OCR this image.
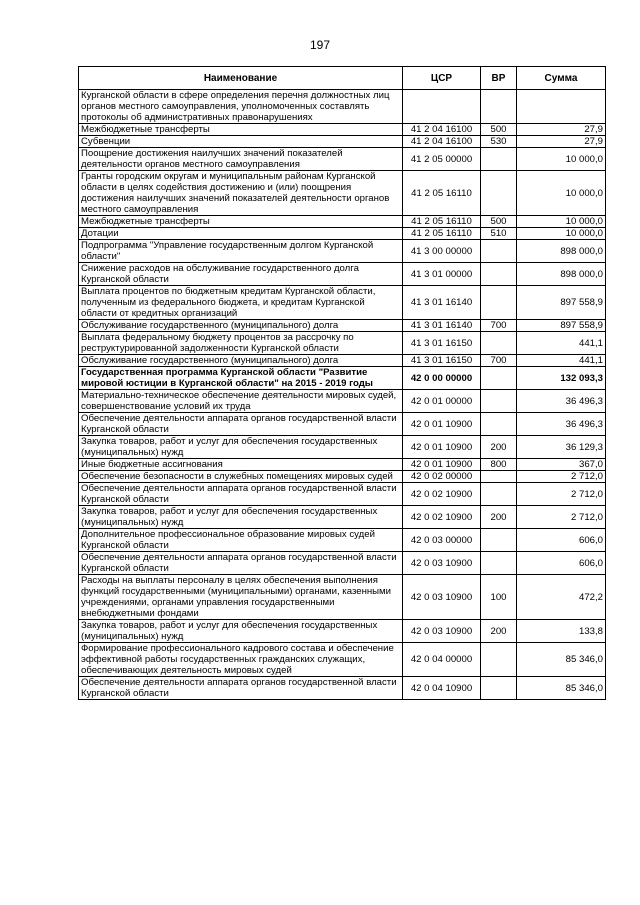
197
Наименование	ЦСР	ВР	Сумма
Курганской области в сфере определения перечня должностных лиц органов местного самоуправления, уполномоченных составлять протоколы об административных правонарушениях			
Межбюджетные трансферты	41 2 04 16100	500	27,9
Субвенции	41 2 04 16100	530	27,9
Поощрение достижения наилучших значений показателей деятельности органов местного самоуправления	41 2 05 00000		10 000,0
Гранты городским округам и муниципальным районам Курганской области в целях содействия достижению и (или) поощрения достижения наилучших значений показателей деятельности органов местного самоуправления	41 2 05 16110		10 000,0
Межбюджетные трансферты	41 2 05 16110	500	10 000,0
Дотации	41 2 05 16110	510	10 000,0
Подпрограмма "Управление государственным долгом Курганской области"	41 3 00 00000		898 000,0
Снижение расходов на обслуживание государственного долга Курганской области	41 3 01 00000		898 000,0
Выплата процентов по бюджетным кредитам Курганской области, полученным из федерального бюджета, и кредитам Курганской области от кредитных организаций	41 3 01 16140		897 558,9
Обслуживание государственного (муниципального) долга	41 3 01 16140	700	897 558,9
Выплата федеральному бюджету процентов за рассрочку по реструктурированной задолженности Курганской области	41 3 01 16150		441,1
Обслуживание государственного (муниципального) долга	41 3 01 16150	700	441,1
Государственная программа Курганской области "Развитие мировой юстиции в Курганской области" на 2015 - 2019 годы	42 0 00 00000		132 093,3
Материально-техническое обеспечение деятельности мировых судей, совершенствование условий их труда	42 0 01 00000		36 496,3
Обеспечение деятельности аппарата органов государственной власти Курганской области	42 0 01 10900		36 496,3
Закупка товаров, работ и услуг для обеспечения государственных (муниципальных) нужд	42 0 01 10900	200	36 129,3
Иные бюджетные ассигнования	42 0 01 10900	800	367,0
Обеспечение безопасности в служебных помещениях мировых судей	42 0 02 00000		2 712,0
Обеспечение деятельности аппарата органов государственной власти Курганской области	42 0 02 10900		2 712,0
Закупка товаров, работ и услуг для обеспечения государственных (муниципальных) нужд	42 0 02 10900	200	2 712,0
Дополнительное профессиональное образование мировых судей Курганской области	42 0 03 00000		606,0
Обеспечение деятельности аппарата органов государственной власти Курганской области	42 0 03 10900		606,0
Расходы на выплаты персоналу в целях обеспечения выполнения функций государственными (муниципальными) органами, казенными учреждениями, органами управления государственными внебюджетными фондами	42 0 03 10900	100	472,2
Закупка товаров, работ и услуг для обеспечения государственных (муниципальных) нужд	42 0 03 10900	200	133,8
Формирование профессионального кадрового состава и обеспечение эффективной работы государственных гражданских служащих, обеспечивающих деятельность мировых судей	42 0 04 00000		85 346,0
Обеспечение деятельности аппарата органов государственной власти Курганской области	42 0 04 10900		85 346,0
